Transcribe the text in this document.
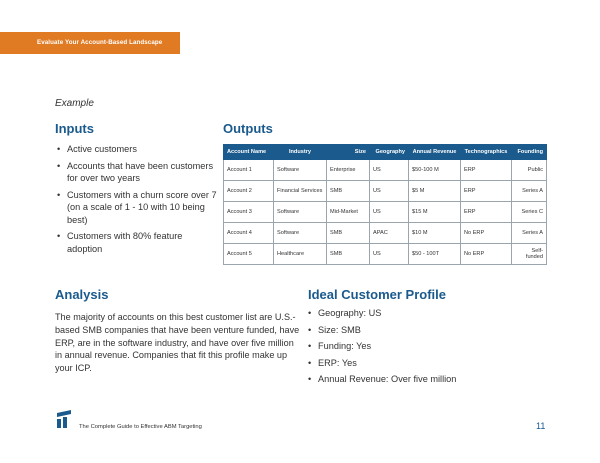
Evaluate Your Account-Based Landscape
Example
Inputs
• Active customers
• Accounts that have been customers for over two years
• Customers with a churn score over 7 (on a scale of 1 - 10 with 10 being best)
• Customers with 80% feature adoption
Outputs
Account Name	Industry	Size	Geography	Annual Revenue	Technographics	Founding
Account 1	Software	Enterprise	US	$50-100 M	ERP	Public
Account 2	Financial Services	SMB	US	$5 M	ERP	Series A
Account 3	Software	Mid-Market	US	$15 M	ERP	Series C
Account 4	Software	SMB	APAC	$10 M	No ERP	Series A
Account 5	Healthcare	SMB	US	$50 - 100T	No ERP	Self-funded
Analysis
The majority of accounts on this best customer list are U.S.-based SMB companies that have been venture funded, have ERP, are in the software industry, and have over five million in annual revenue. Companies that fit this profile make up your ICP.
Ideal Customer Profile
• Geography: US
• Size: SMB
• Funding: Yes
• ERP: Yes
• Annual Revenue: Over five million
The Complete Guide to Effective ABM Targeting	11
